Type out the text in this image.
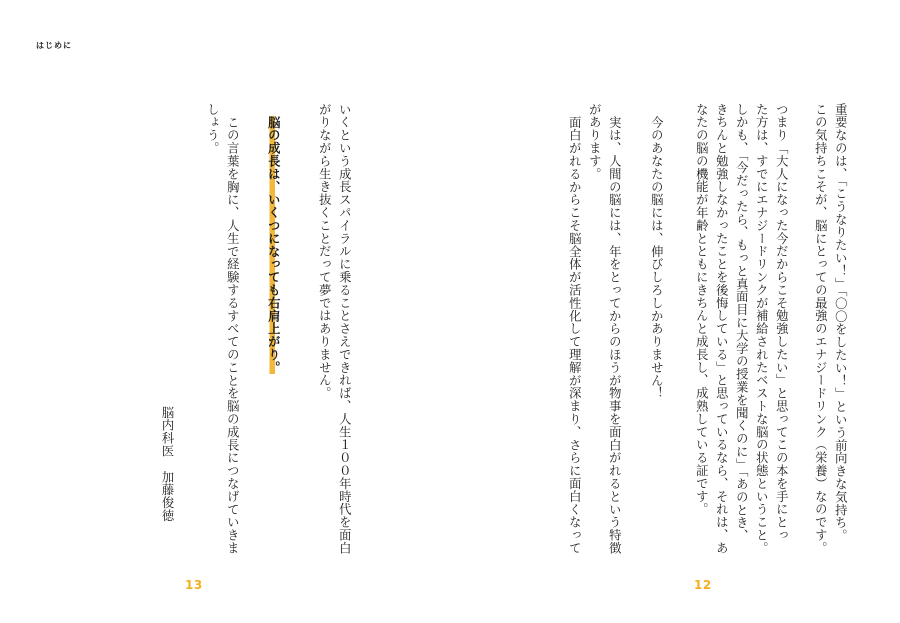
はじめに
重要なのは、「こうなりたい！」「〇〇をしたい！」という前向きな気持ち。
この気持ちこそが、脳にとっての最強のエナジードリンク（栄養）なのです。
つまり「大人になった今だからこそ勉強したい」と思ってこの本を手にとっ
た方は、すでにエナジードリンクが補給されたベストな脳の状態ということ。
しかも、「今だったら、もっと真面目に大学の授業を聞くのに」「あのとき、
きちんと勉強しなかったことを後悔している」と思っているなら、それは、あ
なたの脳の機能が年齢とともにきちんと成長し、成熟している証です。
今のあなたの脳には、伸びしろしかありません！
実は、人間の脳には、年をとってからのほうが物事を面白がれるという特徴
があります。
面白がれるからこそ脳全体が活性化して理解が深まり、さらに面白くなって
12
いくという成長スパイラルに乗ることさえできれば、人生１００年時代を面白
がりながら生き抜くことだって夢ではありません。
脳の成長は、いくつになっても右肩上がり。
この言葉を胸に、人生で経験するすべてのことを脳の成長につなげていきま
しょう。
脳内科医　加藤俊徳
13
